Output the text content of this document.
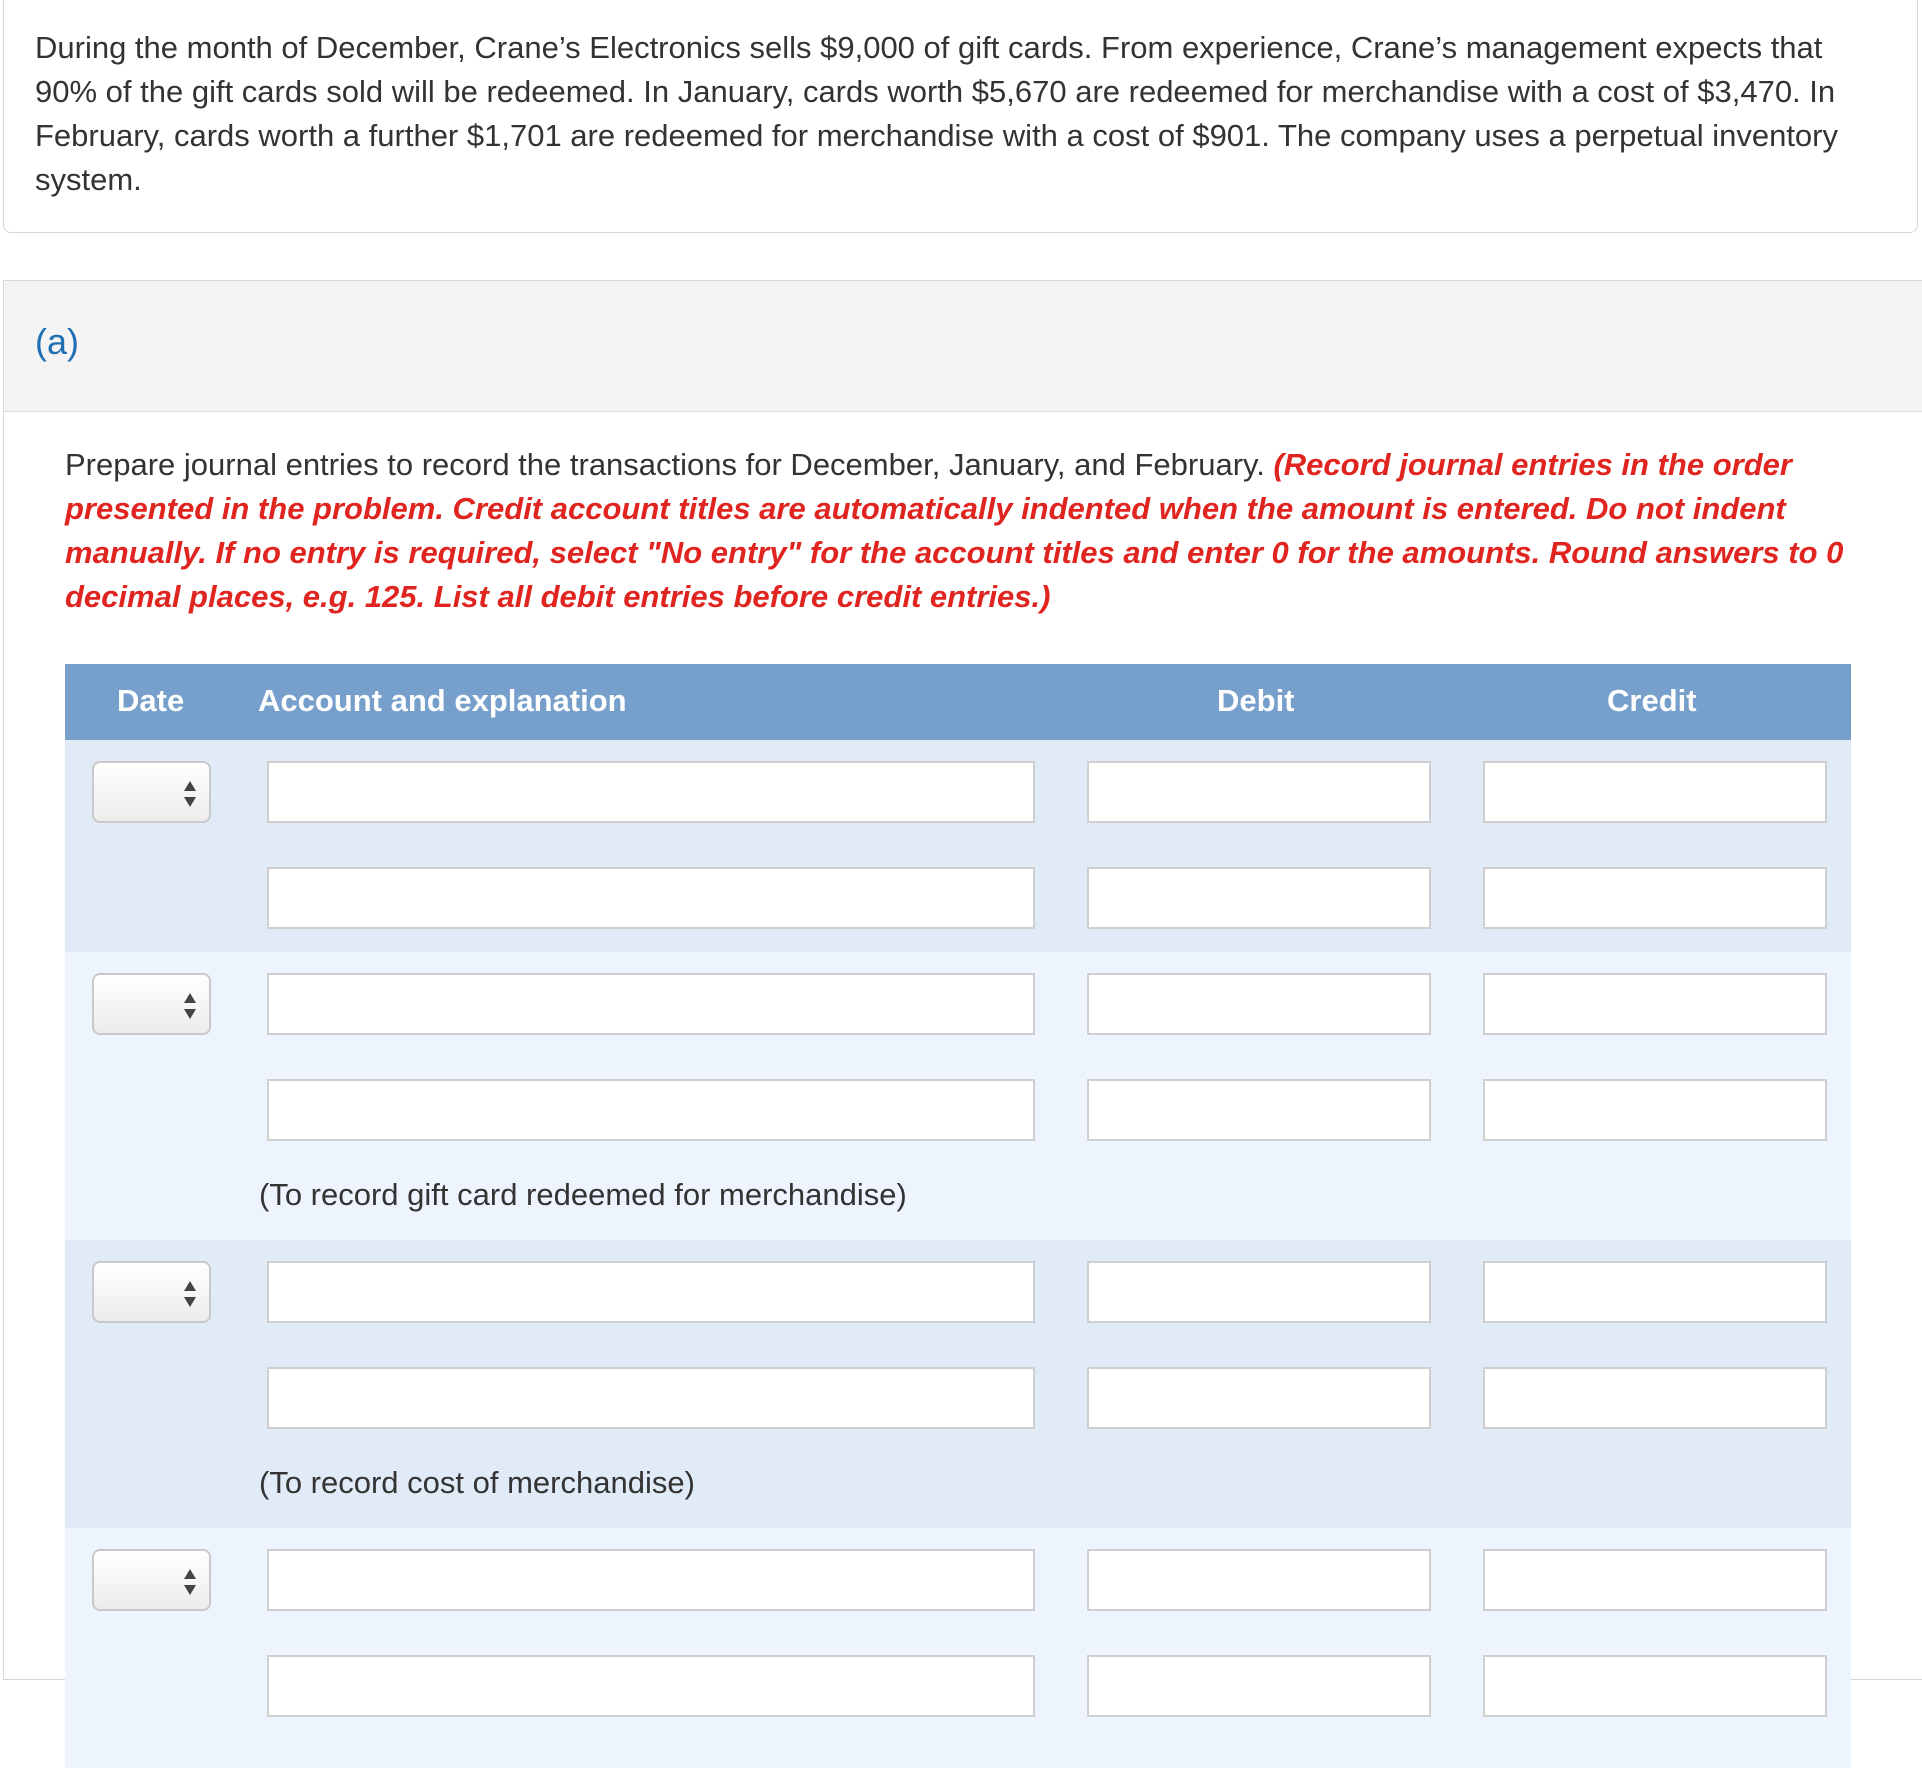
During the month of December, Crane’s Electronics sells $9,000 of gift cards. From experience, Crane’s management expects that 90% of the gift cards sold will be redeemed. In January, cards worth $5,670 are redeemed for merchandise with a cost of $3,470. In February, cards worth a further $1,701 are redeemed for merchandise with a cost of $901. The company uses a perpetual inventory system.
(a)
Prepare journal entries to record the transactions for December, January, and February. (Record journal entries in the order presented in the problem. Credit account titles are automatically indented when the amount is entered. Do not indent manually. If no entry is required, select "No entry" for the account titles and enter 0 for the amounts. Round answers to 0 decimal places, e.g. 125. List all debit entries before credit entries.)
Date Account and explanation	Debit	Credit
(To record gift card redeemed for merchandise)
(To record cost of merchandise)
